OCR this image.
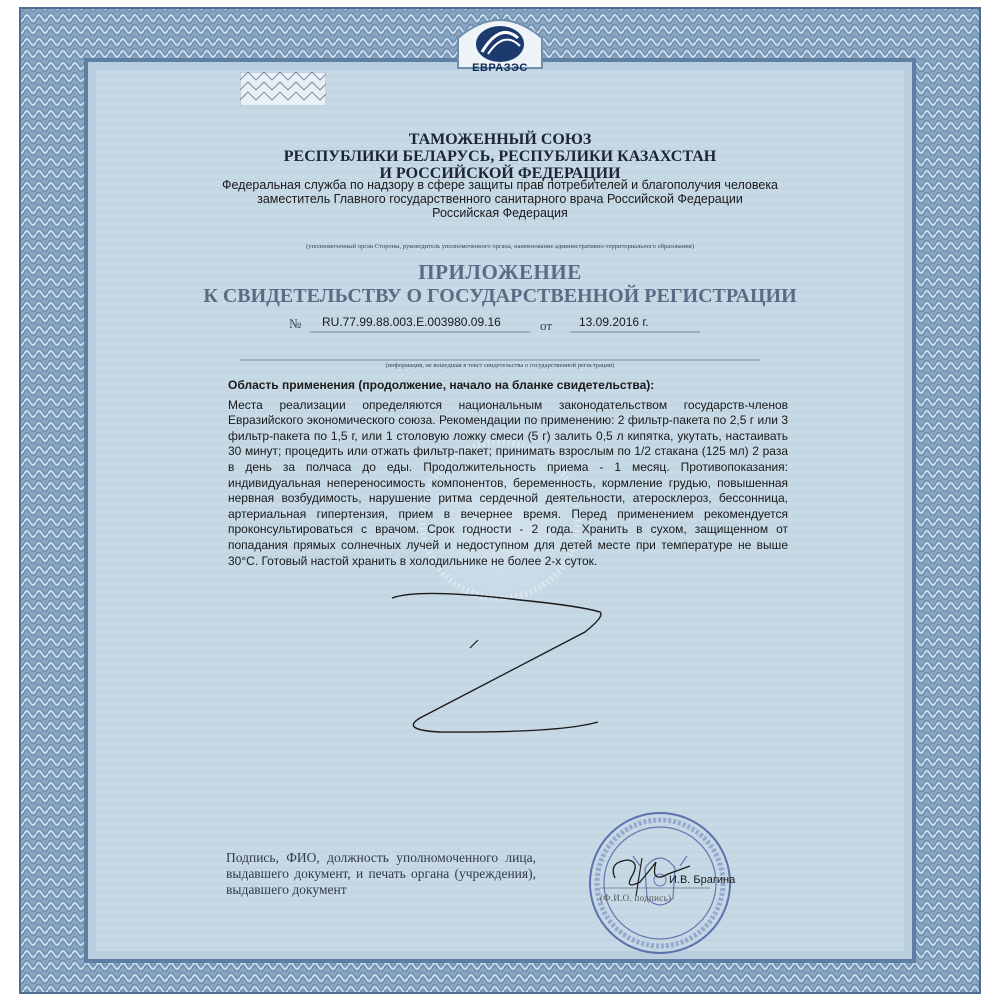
ЕВРАЗЭС
ТАМОЖЕННЫЙ СОЮЗ
РЕСПУБЛИКИ БЕЛАРУСЬ, РЕСПУБЛИКИ КАЗАХСТАН
И РОССИЙСКОЙ ФЕДЕРАЦИИ
Федеральная служба по надзору в сфере защиты прав потребителей и благополучия человека
заместитель Главного государственного санитарного врача Российской Федерации
Российская Федерация
(уполномоченный орган Стороны, руководитель уполномоченного органа, наименование административно-территориального образования)
ПРИЛОЖЕНИЕ
К СВИДЕТЕЛЬСТВУ О ГОСУДАРСТВЕННОЙ РЕГИСТРАЦИИ
№ RU.77.99.88.003.E.003980.09.16	от 13.09.2016 г.
(информация, не вошедшая в текст свидетельства о государственной регистрации)
Область применения (продолжение, начало на бланке свидетельства):

Места реализации определяются национальным законодательством государств-членов Евразийского экономического союза. Рекомендации по применению: 2 фильтр-пакета по 2,5 г или 3 фильтр-пакета по 1,5 г, или 1 столовую ложку смеси (5 г) залить 0,5 л кипятка, укутать, настаивать 30 минут; процедить или отжать фильтр-пакет; принимать взрослым по 1/2 стакана (125 мл) 2 раза в день за полчаса до еды. Продолжительность приема - 1 месяц. Противопоказания: индивидуальная непереносимость компонентов, беременность, кормление грудью, повышенная нервная возбудимость, нарушение ритма сердечной деятельности, атеросклероз, бессонница, артериальная гипертензия, прием в вечернее время. Перед применением рекомендуется проконсультироваться с врачом. Срок годности - 2 года. Хранить в сухом, защищенном от попадания прямых солнечных лучей и недоступном для детей месте при температуре не выше 30°С. Готовый настой хранить в холодильнике не более 2-х суток.

Подпись, ФИО, должность уполномоченного лица, выдавшего документ, и печать органа (учреждения), выдавшего документ
И.В. Брагина
(Ф.И.О. подпись)
